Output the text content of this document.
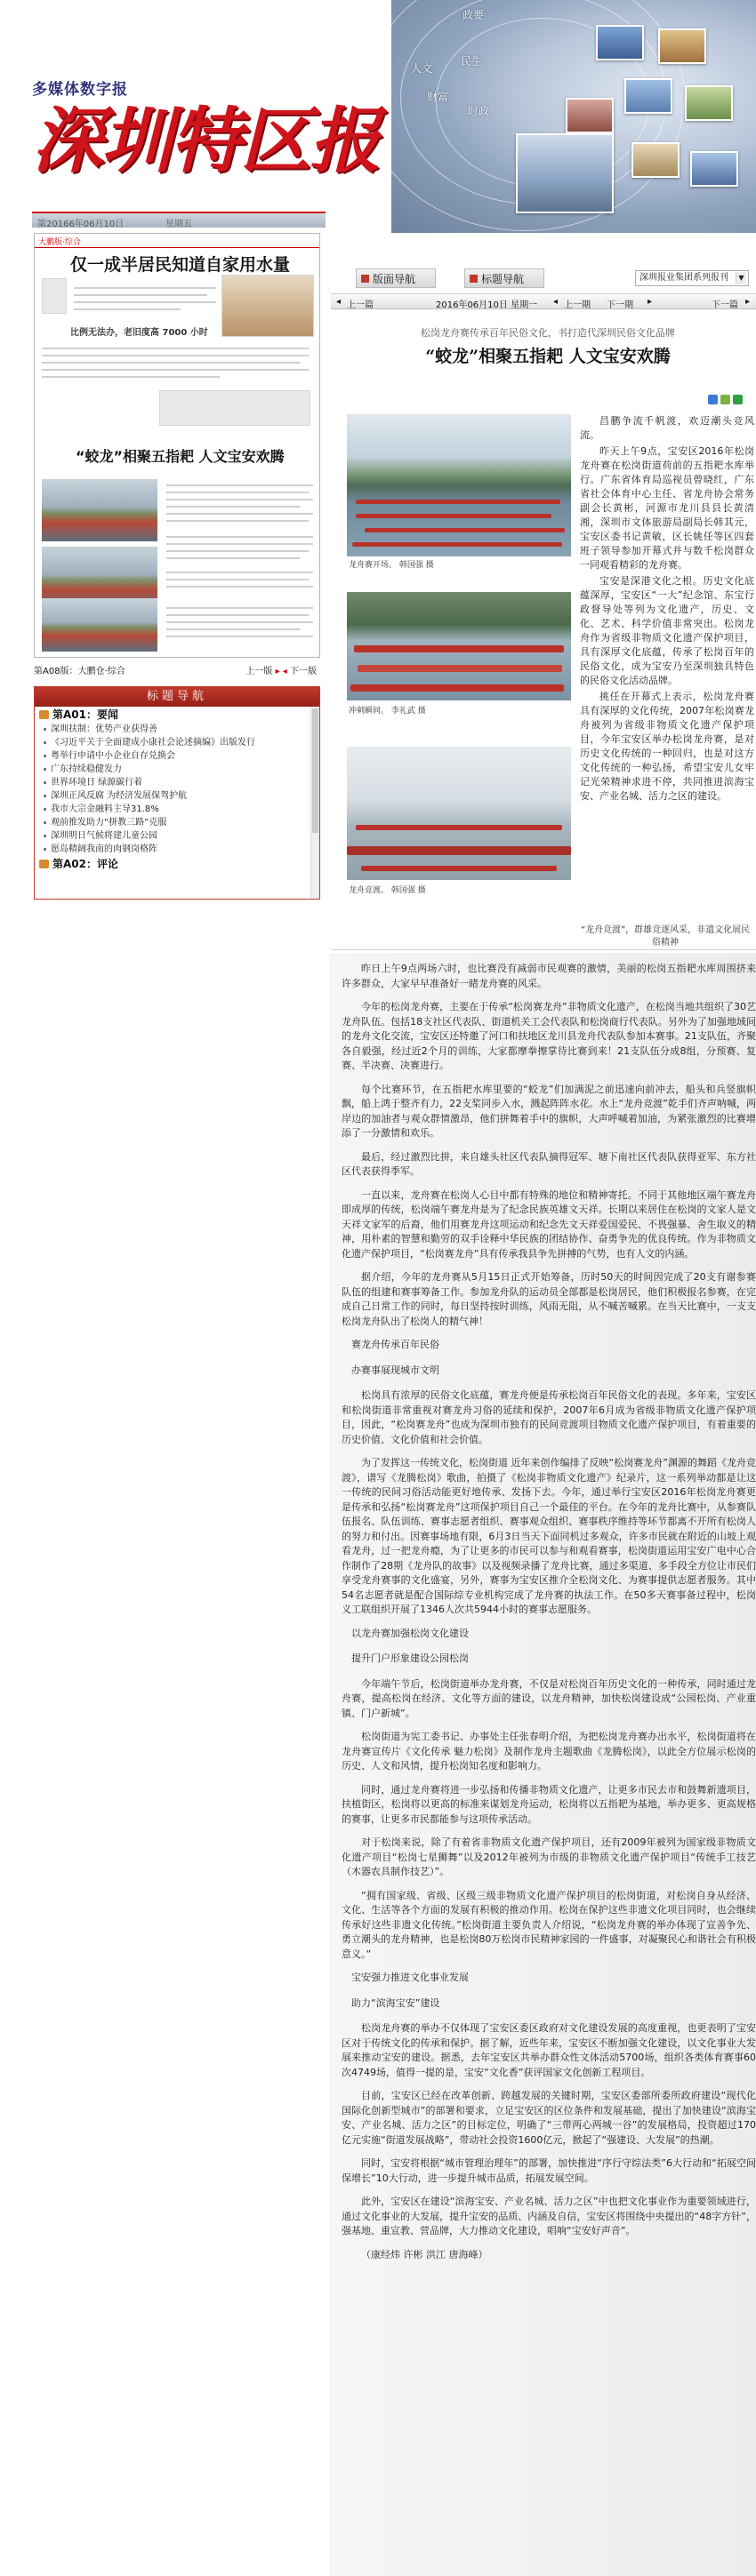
政要
人文
民生
财富
时政
多媒体数字报
深圳特区报
第20166年06月10日	星期五
大鹏版·综合
仅一成半居民知道自家用水量
比例无法办，老旧度高 7000 小时
“蛟龙”相聚五指耙 人文宝安欢腾
第A08版：大鹏仓·综合	上一版 ▸ ◂ 下一版
标题导航
第A01：要闻
深圳扶制：优势产业获得善
《习近平关于全面建成小康社会论述摘编》出版发行
粤举行申请中小企业自存兑换会
广东持续稳健发力
世界环境日 绿源碳行着
深圳正风反腐 为经济发展保驾护航
我市大宗金融料主导31.8%
观前推发助力“拼教三路”克服
深圳明日气候将建儿童公园
愿岛精阔我南的肉钢岗格阵
第A02：评论
版面导航	标题导航	深圳报业集团系列报刊	▼
◂ 上一篇	2016年06月10日 星期一 ◂ 上一期 下一期 ▸	下一篇 ▸
松岗龙舟赛传承百年民俗文化，书打造代深圳民俗文化品牌
“蛟龙”相聚五指耙 人文宝安欢腾
龙舟赛开场。 韩国强 摄
冲刺瞬间。 李礼武 摄
龙舟竞渡。 韩国强 摄

昌鹏争流千帆渡，欢迈潮头竞风流。

昨天上午9点，宝安区2016年松岗龙舟赛在松岗街道荷前的五指耙水库举行。广东省体育局巡视员曾晓红，广东省社会体育中心主任、省龙舟协会常务副会长黄彬，河源市龙川县县长黄清湘，深圳市文体旅游局副局长韩其元，宝安区委书记黄敏，区长姚任等区四套班子领导参加开幕式并与数千松岗群众一同观看精彩的龙舟赛。

宝安是深港文化之根。历史文化底蕴深厚，宝安区“一大”纪念馆、东宝行政督导处等列为文化遗产，历史、文化、艺术、科学价值非常突出。松岗龙舟作为省级非物质文化遗产保护项目，具有深厚文化底蕴，传承了松岗百年的民俗文化，成为宝安乃至深圳独具特色的民俗文化活动品牌。

挑任在开幕式上表示，松岗龙舟赛具有深厚的文化传统，2007年松岗赛龙舟被列为省级非物质文化遗产保护项目，今年宝安区举办松岗龙舟赛，是对历史文化传统的一种回归，也是对这方文化传统的一种弘扬，希望宝安儿女牢记光荣精神求进不停，共同推进滨海宝安、产业名城、活力之区的建设。

“龙舟竞渡”，群雄竞逐风采，非遗文化展民俗精神

昨日上午9点两场六时，也比赛没有减弱市民观赛的激情，美丽的松岗五指耙水库周围挤来许多群众，大家早早准备好一睹龙舟赛的风采。

今年的松岗龙舟赛，主要在于传承“松岗赛龙舟”非物质文化遗产，在松岗当地共组织了30艺龙舟队伍。包括18支社区代表队、街道机关工会代表队和松岗商行代表队。另外为了加强地域间的龙舟文化交流，宝安区还特邀了河口和扶地区龙川县龙舟代表队参加本赛事。21支队伍，齐聚各自毅强，经过近2个月的训练，大家都摩拳擦掌待比赛到来！21支队伍分成8组，分预赛、复赛、半决赛、决赛进行。

每个比赛环节，在五指耙水库里要的“蛟龙”们加满泥之前迅速向前冲去，船头和兵竖旗帜飘，船上鸿于整齐有力，22支桨同步入水，溅起阵阵水花。水上“龙舟竞渡”乾手们齐声呐喊，两岸边的加油者与观众群情激昂，他们拼舞着手中的旗帜，大声呼喊着加油，为紧张激烈的比赛增添了一分激情和欢乐。

最后，经过激烈比拼，来自雄头社区代表队摘得冠军、塘下南社区代表队获得亚军、东方社区代表获得季军。

一直以来，龙舟赛在松岗人心目中都有特殊的地位和精神寄托。不同于其他地区端午赛龙舟即成厚的传统，松岗端午赛龙舟是为了纪念民族英雄文天祥。长期以来居住在松岗的文家人是文天祥文家军的后裔，他们用赛龙舟这项运动和纪念先文天祥爱国爱民、不畏强暴、舍生取义的精神，用朴素的智慧和勤劳的双手诠释中华民族的团结协作、奋勇争先的优良传统。作为非物质文化遗产保护项目，“松岗赛龙舟”具有传承我县争先拼搏的气势，也有人文的内涵。

据介绍，今年的龙舟赛从5月15日正式开始筹备，历时50天的时间因完成了20支有谢参赛队伍的组建和赛事筹备工作。参加龙舟队的运动员全部都是松岗居民，他们积极报名参赛，在完成自己日常工作的同时，每日坚持按时训练，风雨无阻，从不喊苦喊累。在当天比赛中，一支支松岗龙舟队出了松岗人的精气神！

赛龙舟传承百年民俗

办赛事展现城市文明

松岗具有浓厚的民俗文化底蕴，赛龙舟便是传承松岗百年民俗文化的表现。多年来，宝安区和松岗街道非常重视对赛龙舟习俗的延续和保护，2007年6月成为省级非物质文化遗产保护项目，因此，“松岗赛龙舟”也成为深圳市独有的民间竞渡项目物质文化遗产保护项目，有着重要的历史价值、文化价值和社会价值。

为了发挥这一传统文化，松岗街道 近年来创作编排了反映“松岗赛龙舟”渊源的舞蹈《龙舟竞渡》，谱写《龙腾松岗》歌曲，拍摄了《松岗非物质文化遗产》纪录片，这一系列举动都是让这一传统的民间习俗活动能更好地传承、发扬下去。今年，通过举行宝安区2016年松岗龙舟赛更是传承和弘扬“松岗赛龙舟”这项保护项目自己一个最佳的平台。在今年的龙舟比赛中，从参赛队伍报名、队伍训练、赛事志愿者组织、赛事观众组织、赛事秩序维持等环节都离不开所有松岗人的努力和付出。因赛事场地有限，6月3日当天下面同机过多观众，许多市民就在附近的山坡上观看龙舟，过一把龙舟瘾，为了让更多的市民可以参与和观看赛事，松岗街道运用宝安广电中心合作制作了28期《龙舟队的故事》以及视频录播了龙舟比赛，通过多渠道、多手段全方位让市民们享受龙舟赛事的文化盛宴，另外，赛事为宝安区推介全松岗文化、为赛事提供志愿者服务。其中54名志愿者就是配合国际综专业机构完成了龙舟赛的执法工作。在50多天赛事备过程中，松岗义工联组织开展了1346人次共5944小时的赛事志愿服务。

以龙舟赛加强松岗文化建设

提升门户形象建设公园松岗

今年端午节后，松岗街道举办龙舟赛，不仅是对松岗百年历史文化的一种传承，同时通过龙舟赛，提高松岗在经济、文化等方面的建设，以龙舟精神，加快松岗建设成“公园松岗、产业重镇、门户新城”。

松岗街道为宪工委书记、办事处主任张春明介绍，为把松岗龙舟赛办出水平，松岗街道将在龙舟赛宣传片《文化传承 魅力松岗》及制作龙舟主题歌曲《龙腾松岗》，以此全方位展示松岗的历史、人文和风情，提升松岗知名度和影响力。

同时，通过龙舟赛将进一步弘扬和传播非物质文化遗产，让更多市民去市和鼓舞新遗项目，扶植街区，松岗将以更高的标准来谋划龙舟运动，松岗将以五指耙为基地，举办更多、更高规格的赛事，让更多市民都能参与这项传承活动。

对于松岗来说，除了有着省非物质文化遗产保护项目，还有2009年被列为国家级非物质文化遗产项目“松岗七星狮舞”以及2012年被列为市级的非物质文化遗产保护项目“传统手工技艺（木器农具制作技艺）”。

“拥有国家级、省级、区级三级非物质文化遗产保护项目的松岗街道，对松岗自身从经济、文化、生活等各个方面的发展有积极的推动作用。松岗在保护这些非遗文化项目同时，也会继续传承好这些非遗文化传统。”松岗街道主要负责人介绍说，“松岗龙舟赛的举办体现了宣善争先、勇立潮头的龙舟精神，也是松岗80万松岗市民精神家园的一件盛事，对凝聚民心和谐社会有积极意义。”

宝安强力推进文化事业发展

助力“滨海宝安”建设

松岗龙舟赛的举办不仅体现了宝安区委区政府对文化建设发展的高度重视，也更表明了宝安区对于传统文化的传承和保护。据了解，近些年来，宝安区不断加强文化建设，以文化事业大发展来推动宝安的建设。据悉，去年宝安区共举办群众性文体活动5700场，组织各类体育赛事60次4749场，值得一提的是，宝安“文化香”获评国家文化创新工程项目。

目前，宝安区已经在改革创新、跨越发展的关键时期，宝安区委部所委所政府建设“现代化国际化创新型城市”的部署和要求，立足宝安区的区位条件和发展基础，提出了加快建设“滨海宝安、产业名城、活力之区”的目标定位，明确了“三带两心两城一谷”的发展格局，投资超过170亿元实施“街道发展战略”，带动社会投资1600亿元，掀起了“强建设、大发展”的热潮。

同时，宝安将根据“城市管理治理年”的部署，加快推进“序行守综法类”6大行动和“拓展空间保增长”10大行动，进一步提升城市品质，拓展发展空间。

此外，宝安区在建设“滨海宝安、产业名城、活力之区”中也把文化事业作为重要领域进行，通过文化事业的大发展，提升宝安的品质、内涵及自信，宝安区将围绕中央提出的“48字方针”，强基地、重宣教、营品牌，大力推动文化建设，唱响“宝安好声音”。

（康经炜 许彬 洪江 唐海峰）
